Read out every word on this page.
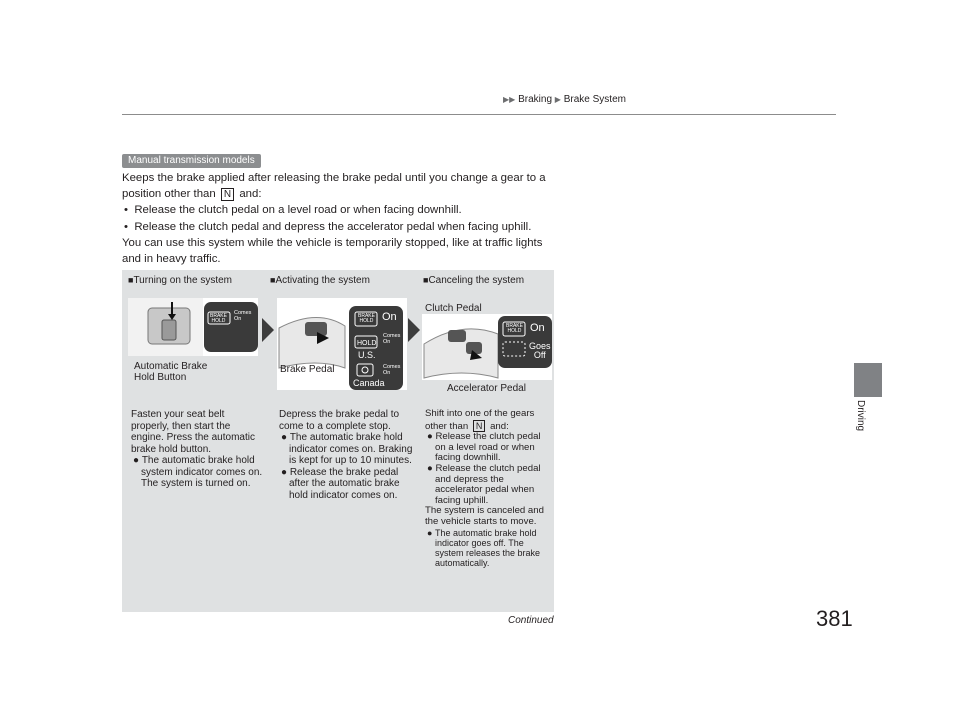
▶▶ Braking ▶ Brake System
Driving
Manual transmission models

Keeps the brake applied after releasing the brake pedal until you change a gear to a

position other than N and:

•  Release the clutch pedal on a level road or when facing downhill.

•  Release the clutch pedal and depress the accelerator pedal when facing uphill.

You can use this system while the vehicle is temporarily stopped, like at traffic lights and in heavy traffic.

■Turning on the system	■Activating the system	■Canceling the system
BRAKE
HOLD
Comes
On
Automatic Brake
Hold Button
BRAKE
HOLD On
HOLD
Comes
On
U.S.
Comes
On
Canada
Brake Pedal
BRAKE
HOLD On
Goes
Off
Clutch Pedal
Accelerator Pedal

Fasten your seat belt properly, then start the engine. Press the automatic brake hold button.

● The automatic brake hold system indicator comes on. The system is turned on.

Depress the brake pedal to come to a complete stop.

● The automatic brake hold indicator comes on. Braking is kept for up to 10 minutes.

● Release the brake pedal after the automatic brake hold indicator comes on.

Shift into one of the gears other than N and:

● Release the clutch pedal on a level road or when facing downhill.

● Release the clutch pedal and depress the accelerator pedal when facing uphill.

The system is canceled and the vehicle starts to move.

● The automatic brake hold indicator goes off. The system releases the brake automatically.

Continued	381
